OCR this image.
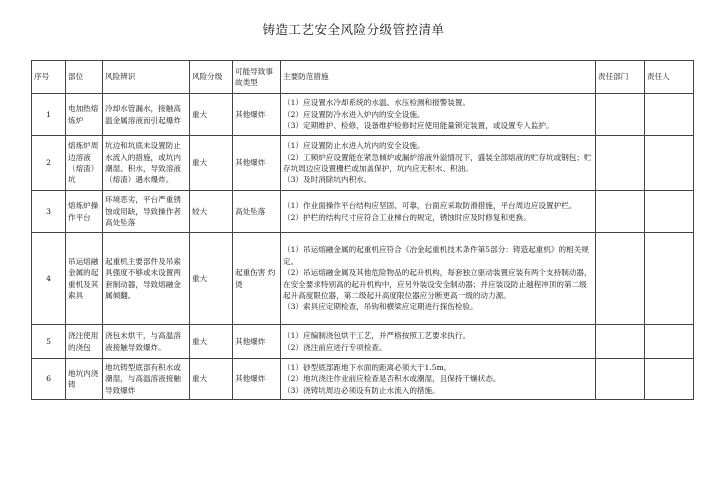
铸造工艺安全风险分级管控清单
序号	部位	风险辨识	风险分级	可能导致事故类型	主要防范措施	责任部门	责任人
1	电加热熔炼炉	冷却水管漏水，接触高温金属溶液而引起爆炸	重大	其他爆炸	（1）应设置水冷却系统的水温、水压检测和报警装置。

（2）应设置防冷水进入炉内的安全设施。

（3）定期维护、检修，设备维护检修时应使用能量锁定装置，或设置专人监护。		

2	熔炼炉周边溶液（熔渣）坑	坑边和坑底未设置防止水流入的措施，或坑内潮湿、积水，导致溶液（熔渣）遇水爆炸。	重大	其他爆炸	（1）应设置防止水进入坑内的安全设施。

（2）工频炉应设置能在紧急倾炉或漏炉溶液外溢情况下，盛装全部熔液的贮存坑或钢包；贮存坑周边应设置栅栏或加盖保护，坑内应无积水、积油。

（3）及时消除坑内积水。		

3	熔炼炉操作平台	环境恶劣，平台严重锈蚀或用缺，导致操作者高处坠落	较大	高处坠落	（1）作业面操作平台结构应坚固、可靠，台面应采取防滑措施，平台周边应设置护栏。

（2）护栏的结构尺寸应符合工业梯台的规定，锈蚀时应及时修复和更换。		

4	吊运熔融金属的起重机及其索具	起重机主要部件及吊索具强度不够或未设置两套制动器，导致熔融金属倾翻。	重大	起重伤害 灼烫	（1）吊运熔融金属的起重机应符合《冶金起重机技术条件第5部分：铸造起重机》的相关规定。

（2）吊运熔融金属及其他危险物品的起升机构，每套独立驱动装置应装有两个支持制动器，在安全要求特别高的起升机构中，应另外装设安全制动器；并应装设防止越程冲顶的第二级起升高度限位器，第二级起升高度限位器应分断更高一级的动力源。

（3）索具应定期检查，吊钩和横梁应定期进行探伤检验。		

5	浇注使用的浇包	浇包未烘干，与高温溶液接触导致爆炸。	重大	其他爆炸	（1）应编制浇包烘干工艺，并严格按照工艺要求执行。

（2）浇注前应进行专项检查。		

6	地坑内浇铸	地坑铸型底部有积水或潮湿，与高温溶液接触导致爆炸	重大	其他爆炸	（1）砂型底部距地下水面的距离必须大于1.5m。

（2）地坑浇注作业前应检查是否积水或潮湿，且保持干燥状态。

（3）浇铸坑周边必须设有防止水流入的措施。		
